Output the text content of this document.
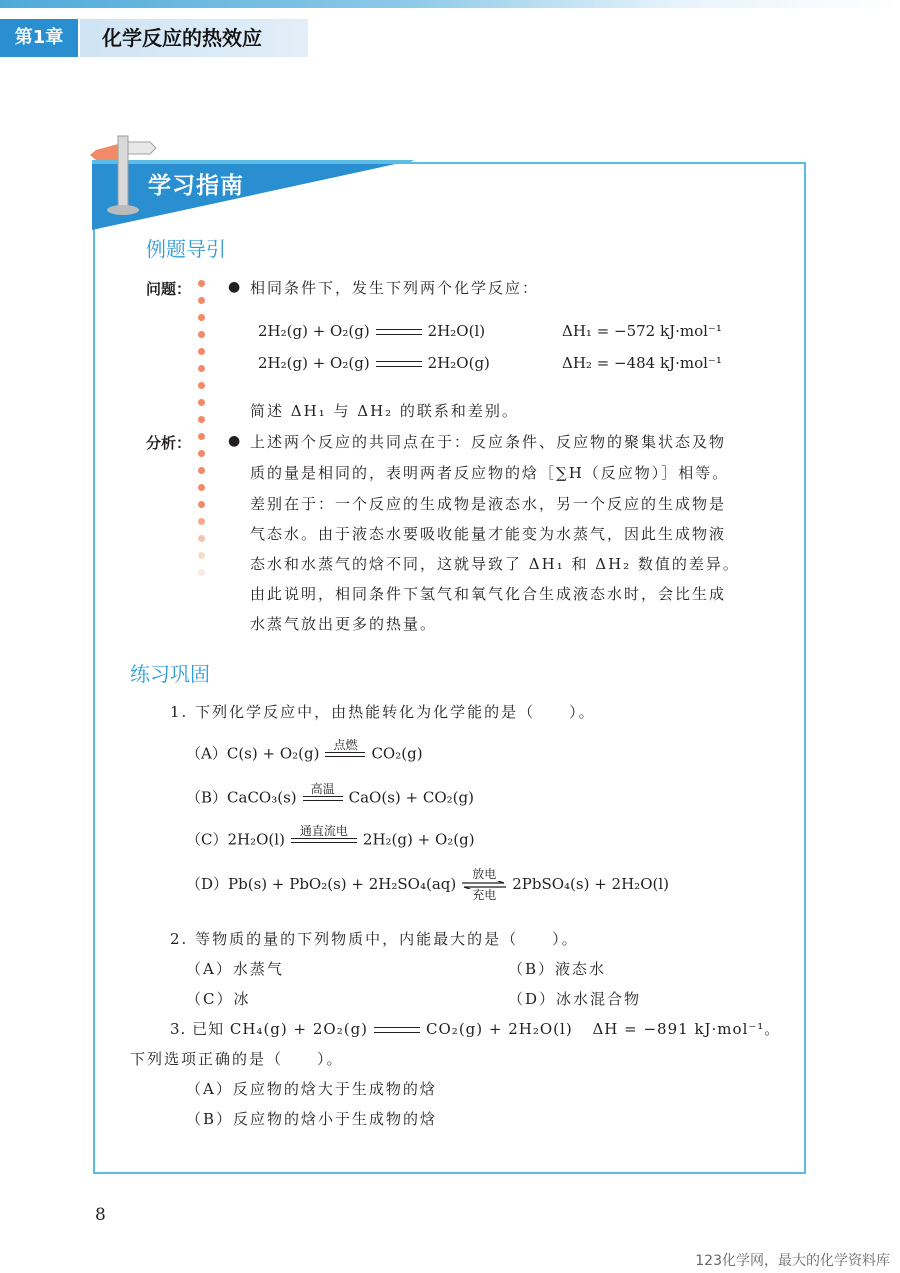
第1章	化学反应的热效应
学习指南
例题导引
问题：	● 相同条件下，发生下列两个化学反应：
2H₂(g) + O₂(g)	2H₂O(l)	ΔH₁ = −572 kJ·mol⁻¹
2H₂(g) + O₂(g)	2H₂O(g)	ΔH₂ = −484 kJ·mol⁻¹
简述 ΔH₁ 与 ΔH₂ 的联系和差别。
分析：	● 上述两个反应的共同点在于：反应条件、反应物的聚集状态及物
质的量是相同的，表明两者反应物的焓［∑H（反应物）］相等。
差别在于：一个反应的生成物是液态水，另一个反应的生成物是
气态水。由于液态水要吸收能量才能变为水蒸气，因此生成物液
态水和水蒸气的焓不同，这就导致了 ΔH₁ 和 ΔH₂ 数值的差异。
由此说明，相同条件下氢气和氧气化合生成液态水时，会比生成
水蒸气放出更多的热量。
练习巩固
1. 下列化学反应中，由热能转化为化学能的是（　　）。
（A）C(s) + O₂(g)	点燃
CO₂(g)
（B）CaCO₃(s)	高温
CaO(s) + CO₂(g)
（C）2H₂O(l)	通直流电
	2H₂(g) + O₂(g)
（D）Pb(s) + PbO₂(s) + 2H₂SO₄(aq)
放电
充电
2PbSO₄(s) + 2H₂O(l)
2. 等物质的量的下列物质中，内能最大的是（　　）。
（A）水蒸气	（B）液态水
（C）冰	（D）冰水混合物
3. 已知 CH₄(g) + 2O₂(g)	CO₂(g) + 2H₂O(l) ΔH = −891 kJ·mol⁻¹。
下列选项正确的是（　　）。
（A）反应物的焓大于生成物的焓
（B）反应物的焓小于生成物的焓
8
123化学网，最大的化学资料库
